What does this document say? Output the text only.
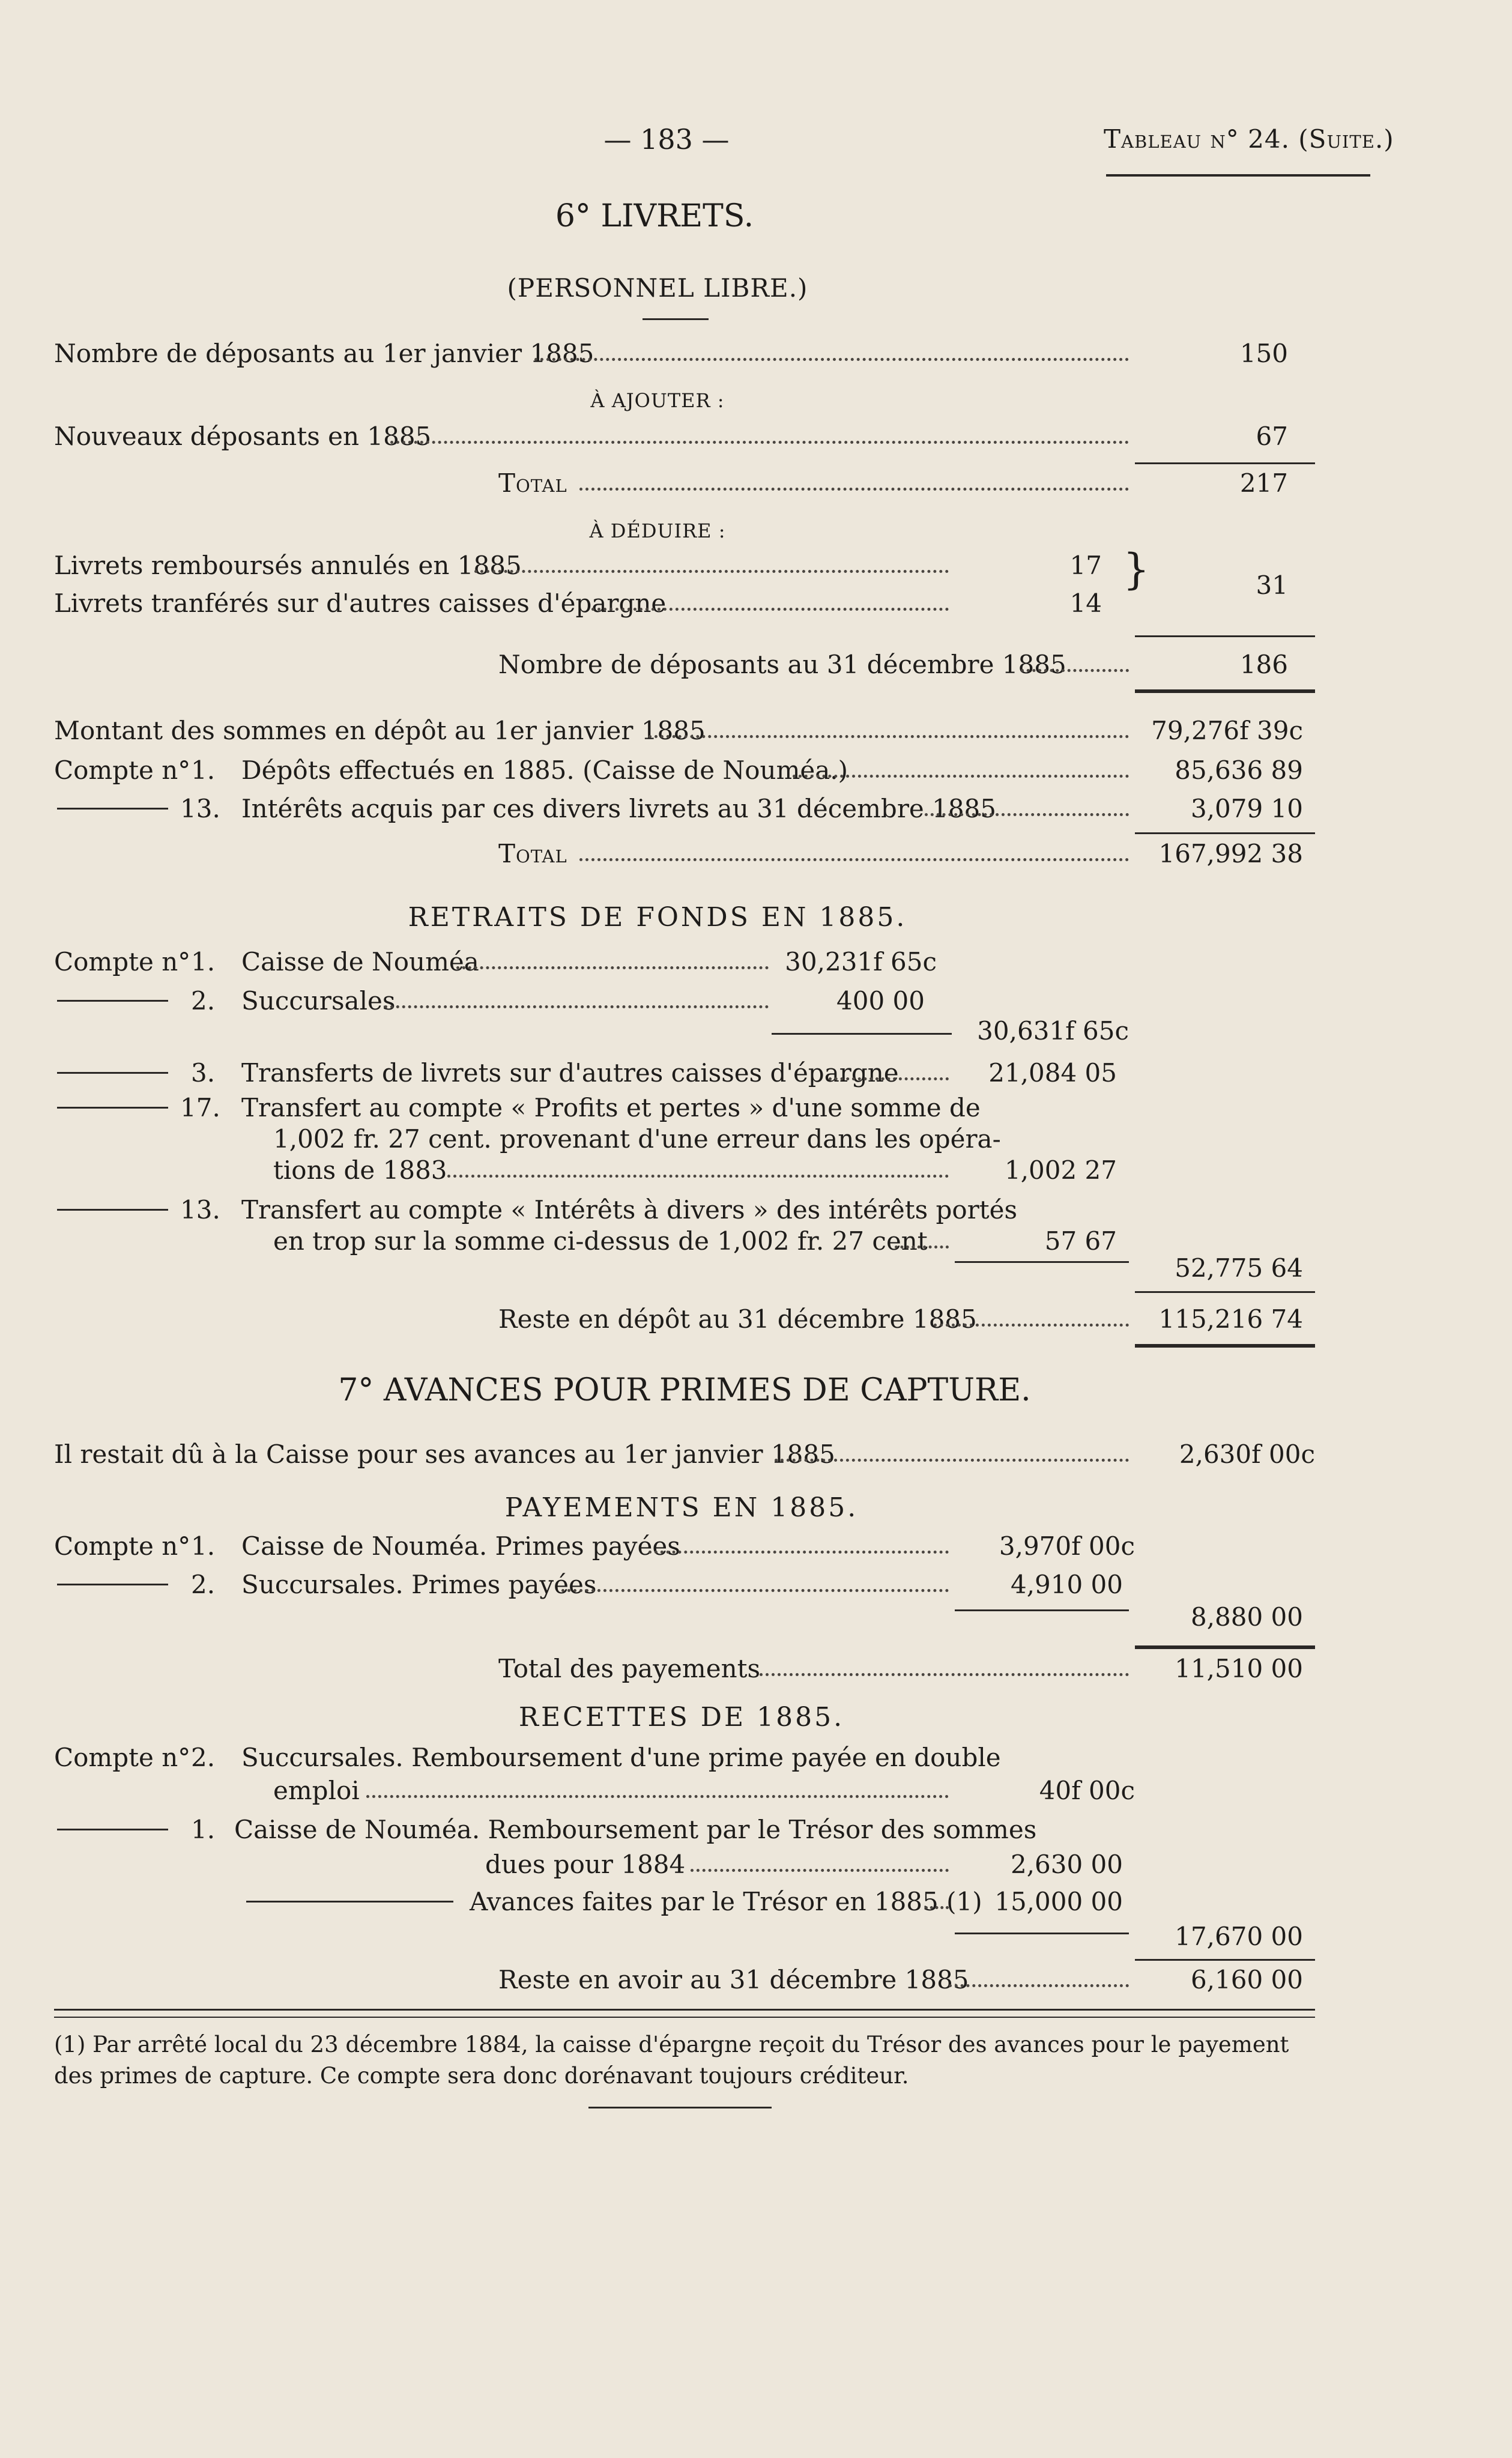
— 183 —	Tableau n° 24. (Suite.)
6° LIVRETS.
(PERSONNEL LIBRE.)
Nombre de déposants au 1er janvier 1885	150
À AJOUTER :
Nouveaux déposants en 1885	67
Total	217
À DÉDUIRE :
Livrets remboursés annulés en 1885	17
Livrets tranférés sur d'autres caisses d'épargne	14
}	31
Nombre de déposants au 31 décembre 1885	186
Montant des sommes en dépôt au 1er janvier 1885	79,276f 39c
Compte n° 1. Dépôts effectués en 1885. (Caisse de Nouméa.)	85,636 89
13. Intérêts acquis par ces divers livrets au 31 décembre 1885	3,079 10
Total	167,992 38
RETRAITS DE FONDS EN 1885.
Compte n° 1. Caisse de Nouméa	30,231f 65c
2. Succursales	400 00
30,631f 65c
3. Transferts de livrets sur d'autres caisses d'épargne	21,084 05
17. Transfert au compte « Profits et pertes » d'une somme de
1,002 fr. 27 cent. provenant d'une erreur dans les opéra-
tions de 1883	1,002 27
13. Transfert au compte « Intérêts à divers » des intérêts portés
en trop sur la somme ci-dessus de 1,002 fr. 27 cent	57 67
52,775 64
Reste en dépôt au 31 décembre 1885	115,216 74
7° AVANCES POUR PRIMES DE CAPTURE.
Il restait dû à la Caisse pour ses avances au 1er janvier 1885	2,630f 00c
PAYEMENTS EN 1885.
Compte n° 1. Caisse de Nouméa. Primes payées	3,970f 00c
2. Succursales. Primes payées	4,910 00
8,880 00
Total des payements	11,510 00
RECETTES DE 1885.
Compte n° 2. Succursales. Remboursement d'une prime payée en double
emploi	40f 00c
1. Caisse de Nouméa. Remboursement par le Trésor des sommes
dues pour 1884	2,630 00
Avances faites par le Trésor en 1885 (1) 15,000 00
17,670 00
Reste en avoir au 31 décembre 1885	6,160 00
(1) Par arrêté local du 23 décembre 1884, la caisse d'épargne reçoit du Trésor des avances pour le payement
des primes de capture. Ce compte sera donc dorénavant toujours créditeur.
